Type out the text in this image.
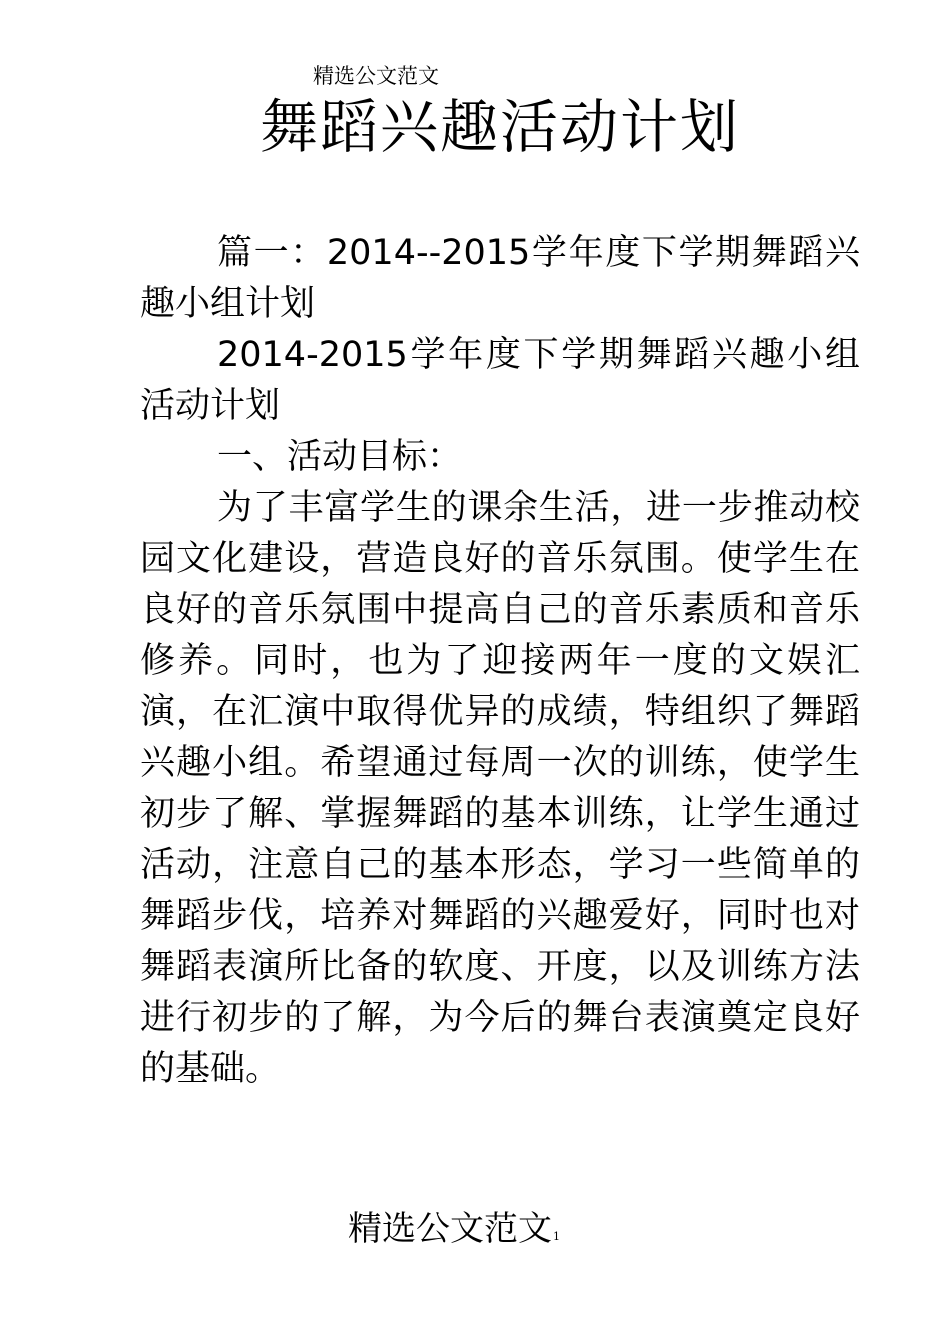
精选公文范文
舞蹈兴趣活动计划

篇一：2014--2015学年度下学期舞蹈兴趣小组计划

2014-2015学年度下学期舞蹈兴趣小组活动计划

一、活动目标：

为了丰富学生的课余生活，进一步推动校园文化建设，营造良好的音乐氛围。使学生在良好的音乐氛围中提高自己的音乐素质和音乐修养。同时，也为了迎接两年一度的文娱汇演，在汇演中取得优异的成绩，特组织了舞蹈兴趣小组。希望通过每周一次的训练，使学生初步了解、掌握舞蹈的基本训练，让学生通过活动，注意自己的基本形态，学习一些简单的舞蹈步伐，培养对舞蹈的兴趣爱好，同时也对舞蹈表演所比备的软度、开度，以及训练方法进行初步的了解，为今后的舞台表演奠定良好的基础。

精选公文范文1
